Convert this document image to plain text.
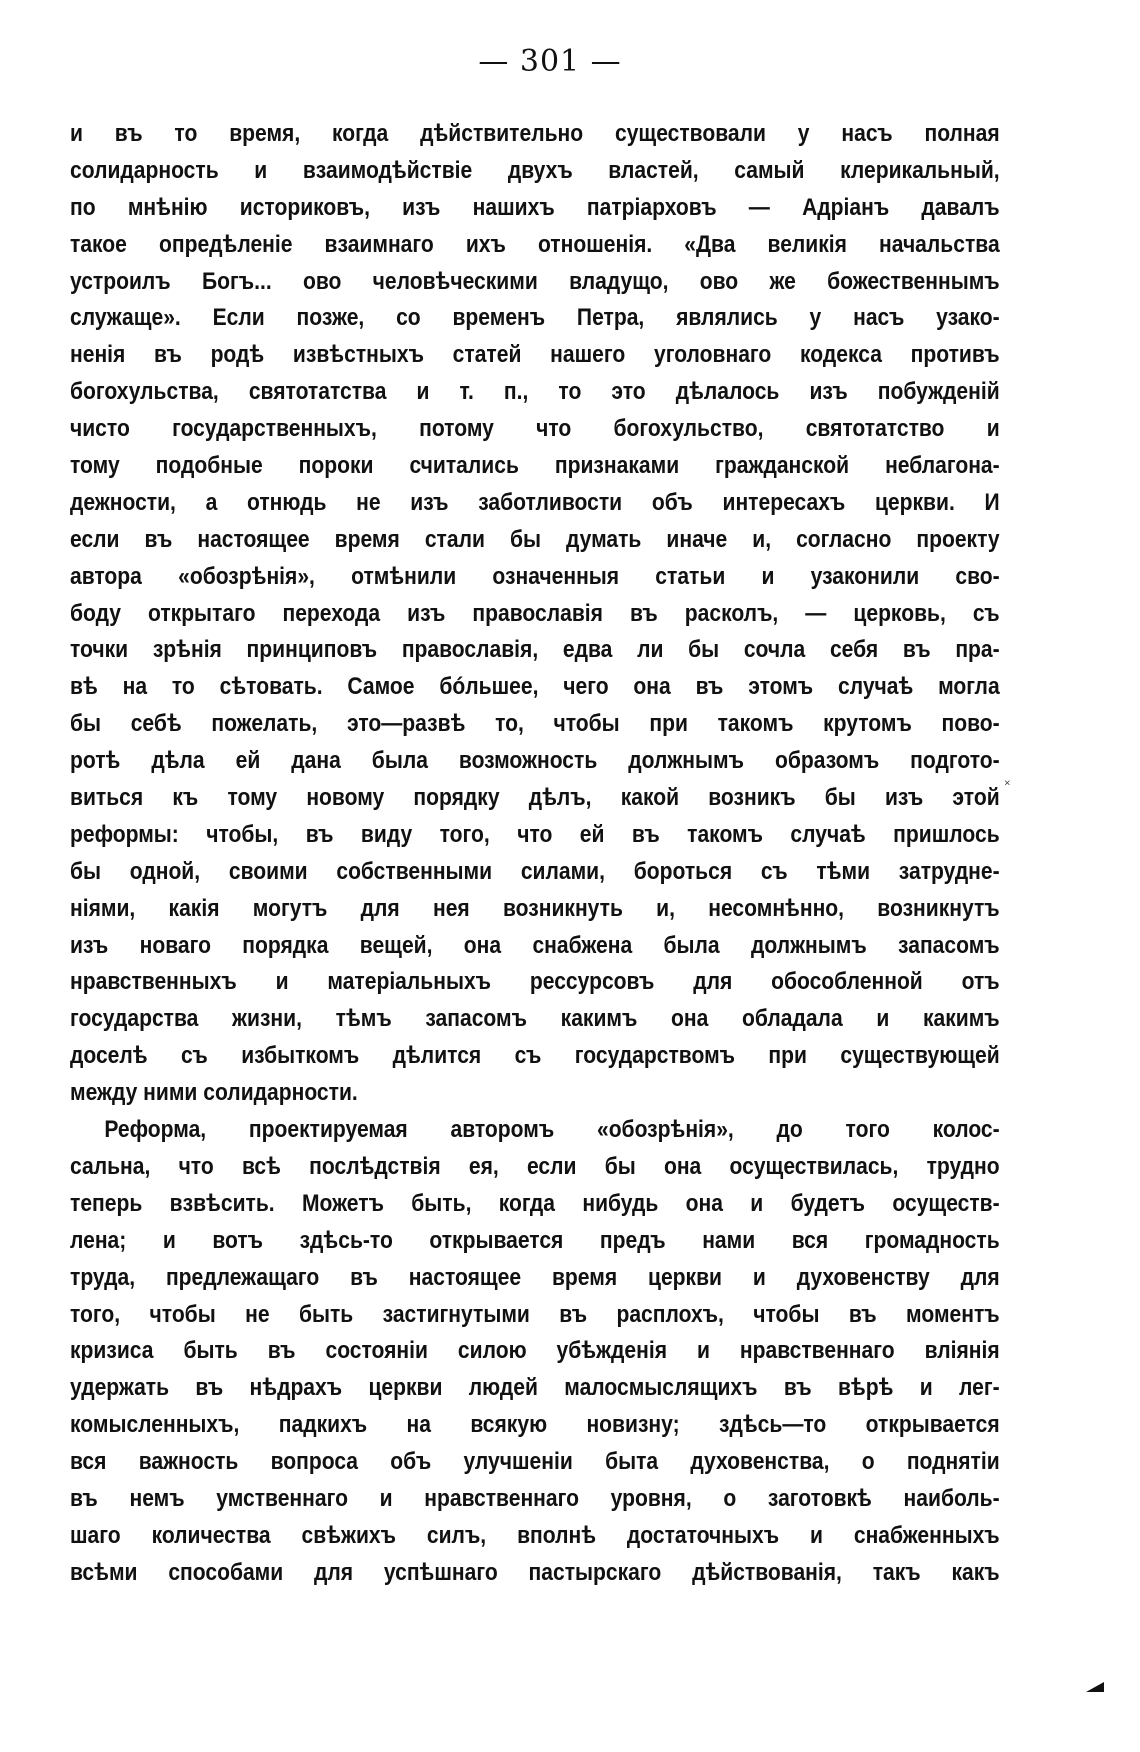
— 301 —
и въ то время, когда дѣйствительно существовали у насъ полная
солидарность и взаимодѣйствіе двухъ властей, самый клерикальный,
по мнѣнію историковъ, изъ нашихъ патріарховъ — Адріанъ давалъ
такое опредѣленіе взаимнаго ихъ отношенія. «Два великія начальства
устроилъ Богъ... ово человѣческими владущо, ово же божественнымъ
служаще». Если позже, со временъ Петра, являлись у насъ узако-
ненія въ родѣ извѣстныхъ статей нашего уголовнаго кодекса противъ
богохульства, святотатства и т. п., то это дѣлалось изъ побужденій
чисто государственныхъ, потому что богохульство, святотатство и
тому подобные пороки считались признаками гражданской неблагона-
дежности, а отнюдь не изъ заботливости объ интересахъ церкви. И
если въ настоящее время стали бы думать иначе и, согласно проекту
автора «обозрѣнія», отмѣнили означенныя статьи и узаконили сво-
боду открытаго перехода изъ православія въ расколъ, — церковь, съ
точки зрѣнія принциповъ православія, едва ли бы сочла себя въ пра-
вѣ на то сѣтовать. Самое бóльшее, чего она въ этомъ случаѣ могла
бы себѣ пожелать, это—развѣ то, чтобы при такомъ крутомъ пово-
ротѣ дѣла ей дана была возможность должнымъ образомъ подгото-
виться къ тому новому порядку дѣлъ, какой возникъ бы изъ этой
реформы: чтобы, въ виду того, что ей въ такомъ случаѣ пришлось
бы одной, своими собственными силами, бороться съ тѣми затрудне-
ніями, какія могутъ для нея возникнуть и, несомнѣнно, возникнутъ
изъ новаго порядка вещей, она снабжена была должнымъ запасомъ
нравственныхъ и матеріальныхъ рессурсовъ для обособленной отъ
государства жизни, тѣмъ запасомъ какимъ она обладала и какимъ
доселѣ съ избыткомъ дѣлится съ государствомъ при существующей
между ними солидарности.
Реформа, проектируемая авторомъ «обозрѣнія», до того колос-
сальна, что всѣ послѣдствія ея, если бы она осуществилась, трудно
теперь взвѣсить. Можетъ быть, когда нибудь она и будетъ осуществ-
лена; и вотъ здѣсь-то открывается предъ нами вся громадность
труда, предлежащаго въ настоящее время церкви и духовенству для
того, чтобы не быть застигнутыми въ расплохъ, чтобы въ моментъ
кризиса быть въ состояніи силою убѣжденія и нравственнаго вліянія
удержать въ нѣдрахъ церкви людей малосмыслящихъ въ вѣрѣ и лег-
комысленныхъ, падкихъ на всякую новизну; здѣсь—то открывается
вся важность вопроса объ улучшеніи быта духовенства, о поднятіи
въ немъ умственнаго и нравственнаго уровня, о заготовкѣ наиболь-
шаго количества свѣжихъ силъ, вполнѣ достаточныхъ и снабженныхъ
всѣми способами для успѣшнаго пастырскаго дѣйствованія, такъ какъ
˟
